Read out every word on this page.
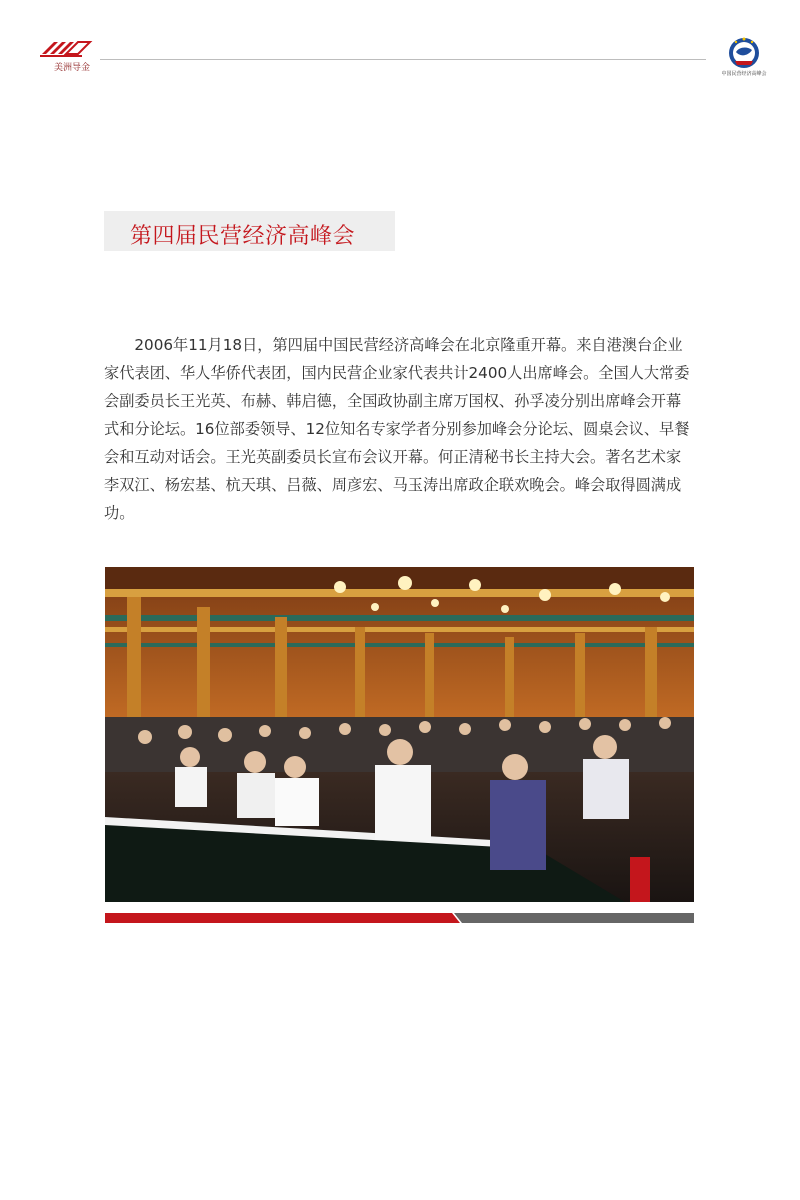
美洲导金
中国民营经济高峰会
第四届民营经济高峰会

2006年11月18日，第四届中国民营经济高峰会在北京隆重开幕。来自港澳台企业家代表团、华人华侨代表团，国内民营企业家代表共计2400人出席峰会。全国人大常委会副委员长王光英、布赫、韩启德，全国政协副主席万国权、孙孚凌分别出席峰会开幕式和分论坛。16位部委领导、12位知名专家学者分别参加峰会分论坛、圆桌会议、早餐会和互动对话会。王光英副委员长宣布会议开幕。何正清秘书长主持大会。著名艺术家李双江、杨宏基、杭天琪、吕薇、周彦宏、马玉涛出席政企联欢晚会。峰会取得圆满成功。
